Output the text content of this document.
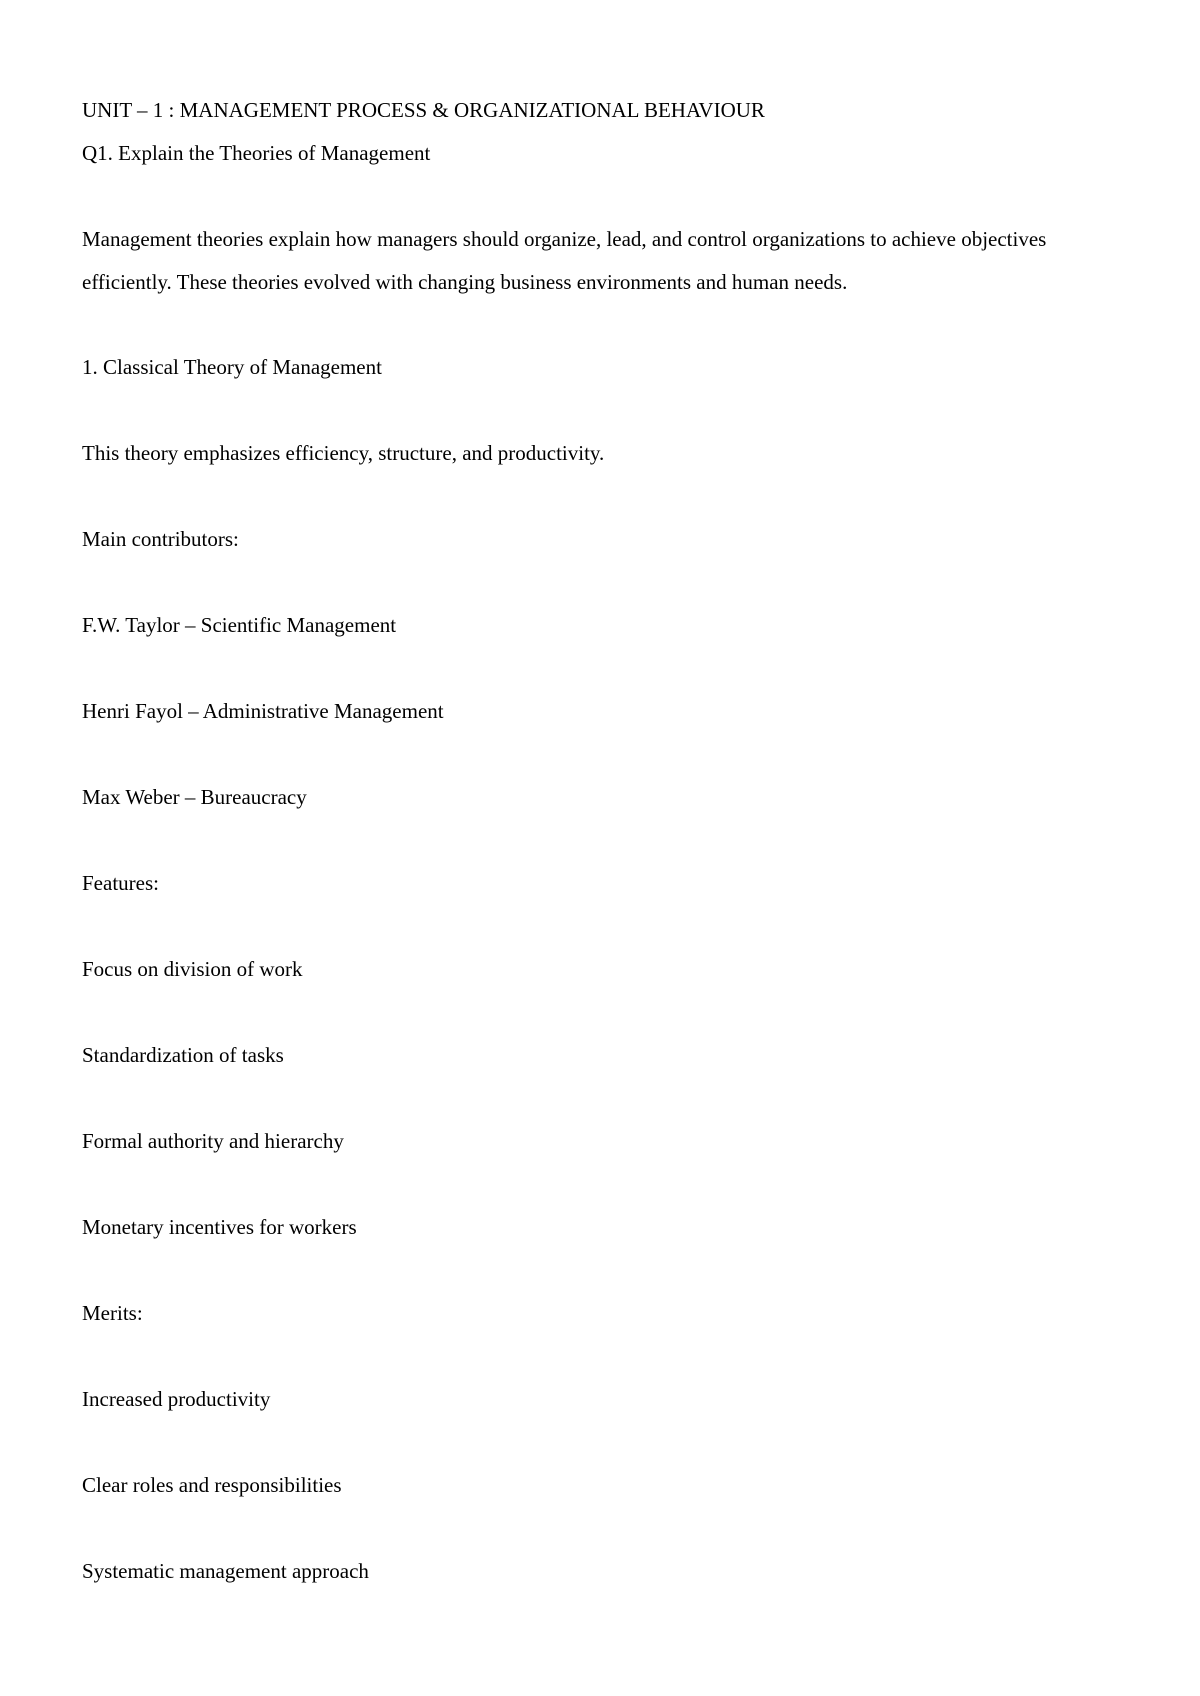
UNIT – 1 : MANAGEMENT PROCESS & ORGANIZATIONAL BEHAVIOUR

Q1. Explain the Theories of Management

Management theories explain how managers should organize, lead, and control organizations to achieve objectives efficiently. These theories evolved with changing business environments and human needs.

1. Classical Theory of Management

This theory emphasizes efficiency, structure, and productivity.

Main contributors:

F.W. Taylor – Scientific Management

Henri Fayol – Administrative Management

Max Weber – Bureaucracy

Features:

Focus on division of work

Standardization of tasks

Formal authority and hierarchy

Monetary incentives for workers

Merits:

Increased productivity

Clear roles and responsibilities

Systematic management approach
